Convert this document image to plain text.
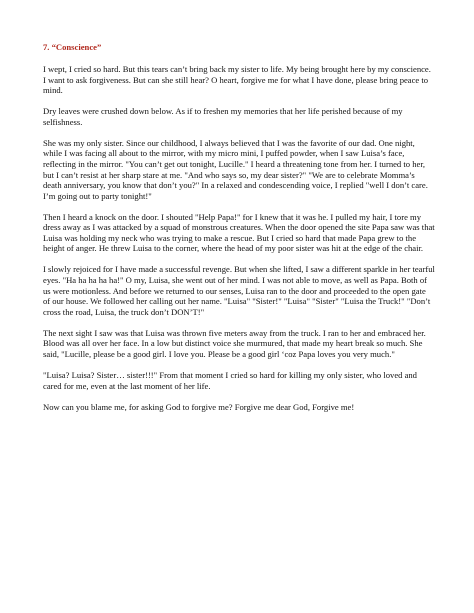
7. “Conscience”

I wept, I cried so hard. But this tears can’t bring back my sister to life. My being brought here by my conscience. I want to ask forgiveness. But can she still hear? O heart, forgive me for what I have done, please bring peace to mind.

Dry leaves were crushed down below. As if to freshen my memories that her life perished because of my selfishness.

She was my only sister. Since our childhood, I always believed that I was the favorite of our dad. One night, while I was facing all about to the mirror, with my micro mini, I puffed powder, when I saw Luisa’s face, reflecting in the mirror. "You can’t get out tonight, Lucille." I heard a threatening tone from her. I turned to her, but I can’t resist at her sharp stare at me. "And who says so, my dear sister?" "We are to celebrate Momma’s death anniversary, you know that don’t you?" In a relaxed and condescending voice, I replied "well I don’t care. I’m going out to party tonight!"

Then I heard a knock on the door. I shouted "Help Papa!" for I knew that it was he. I pulled my hair, I tore my dress away as I was attacked by a squad of monstrous creatures. When the door opened the site Papa saw was that Luisa was holding my neck who was trying to make a rescue. But I cried so hard that made Papa grew to the height of anger. He threw Luisa to the corner, where the head of my poor sister was hit at the edge of the chair.

I slowly rejoiced for I have made a successful revenge. But when she lifted, I saw a different sparkle in her tearful eyes. "Ha ha ha ha ha!" O my, Luisa, she went out of her mind. I was not able to move, as well as Papa. Both of us were motionless. And before we returned to our senses, Luisa ran to the door and proceeded to the open gate of our house. We followed her calling out her name. "Luisa" "Sister!" "Luisa" "Sister" "Luisa the Truck!" "Don’t cross the road, Luisa, the truck don’t DON’T!"

The next sight I saw was that Luisa was thrown five meters away from the truck. I ran to her and embraced her. Blood was all over her face. In a low but distinct voice she murmured, that made my heart break so much. She said, "Lucille, please be a good girl. I love you. Please be a good girl ‘coz Papa loves you very much."

"Luisa? Luisa? Sister… sister!!!" From that moment I cried so hard for killing my only sister, who loved and cared for me, even at the last moment of her life.

Now can you blame me, for asking God to forgive me? Forgive me dear God, Forgive me!
